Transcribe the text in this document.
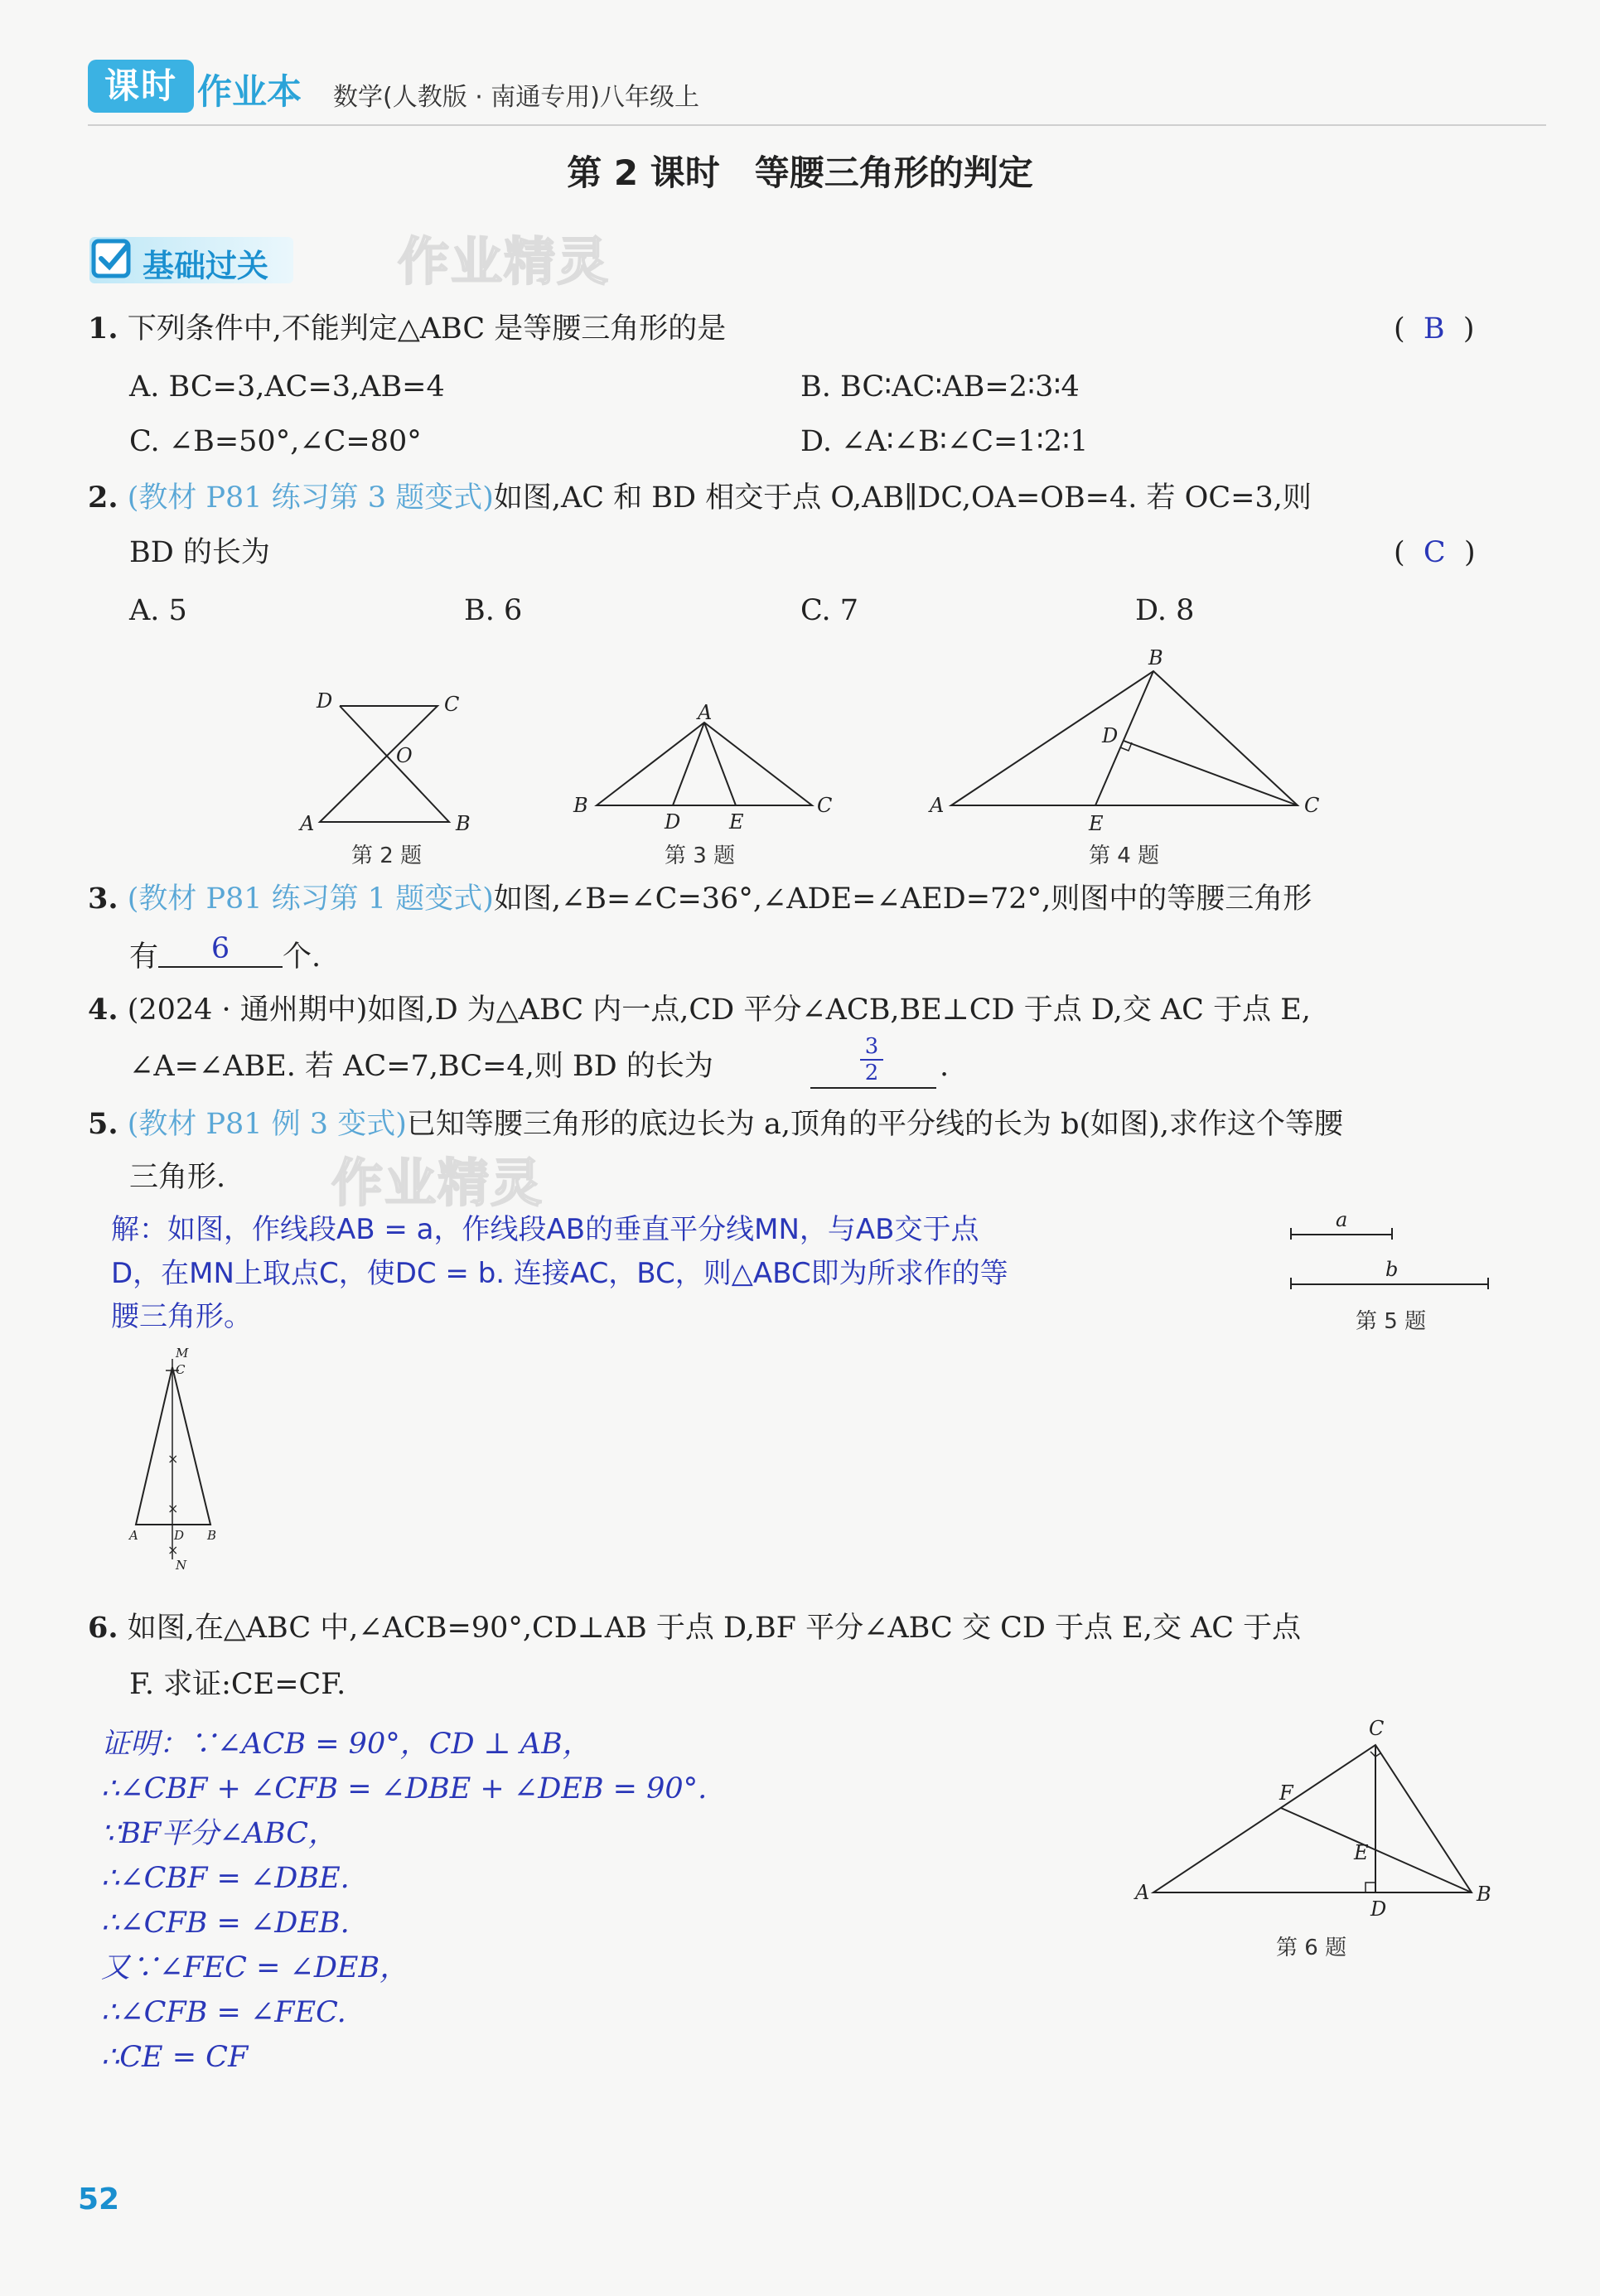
课时 作业本 数学(人教版 · 南通专用)八年级上
第 2 课时　等腰三角形的判定
基础过关	作业精灵
1. 下列条件中,不能判定△ABC 是等腰三角形的是	(  B  )
A. BC=3,AC=3,AB=4	B. BC∶AC∶AB=2∶3∶4
C. ∠B=50°,∠C=80°	D. ∠A∶∠B∶∠C=1∶2∶1
2. (教材 P81 练习第 3 题变式)如图,AC 和 BD 相交于点 O,AB∥DC,OA=OB=4. 若 OC=3,则
BD 的长为	(  C  )
A. 5	B. 6	C. 7	D. 8
D	C
O
A	B
第 2 题
A
B
D E
C
第 3 题
B
D
A
E
C
第 4 题
3. (教材 P81 练习第 1 题变式)如图,∠B=∠C=36°,∠ADE=∠AED=72°,则图中的等腰三角形
有 6 个.
4. (2024 · 通州期中)如图,D 为△ABC 内一点,CD 平分∠ACB,BE⊥CD 于点 D,交 AC 于点 E,
∠A=∠ABE. 若 AC=7,BC=4,则 BD 的长为
3
2 .
5. (教材 P81 例 3 变式)已知等腰三角形的底边长为 a,顶角的平分线的长为 b(如图),求作这个等腰
三角形. 作业精灵
解：如图，作线段AB = a，作线段AB的垂直平分线MN，与AB交于点
D，在MN上取点C，使DC = b. 连接AC，BC，则△ABC即为所求作的等
腰三角形。
a
b
第 5 题
×
×
×
M
C
A	D B
N
6. 如图,在△ABC 中,∠ACB=90°,CD⊥AB 于点 D,BF 平分∠ABC 交 CD 于点 E,交 AC 于点
F. 求证:CE=CF.
证明：∵∠ACB = 90°，CD ⊥ AB，
∴∠CBF + ∠CFB = ∠DBE + ∠DEB = 90°.
∵BF平分∠ABC，
∴∠CBF = ∠DBE.
∴∠CFB = ∠DEB.
又∵∠FEC = ∠DEB，
∴∠CFB = ∠FEC.
∴CE = CF
C
F
E
A
D
B
第 6 题
52
